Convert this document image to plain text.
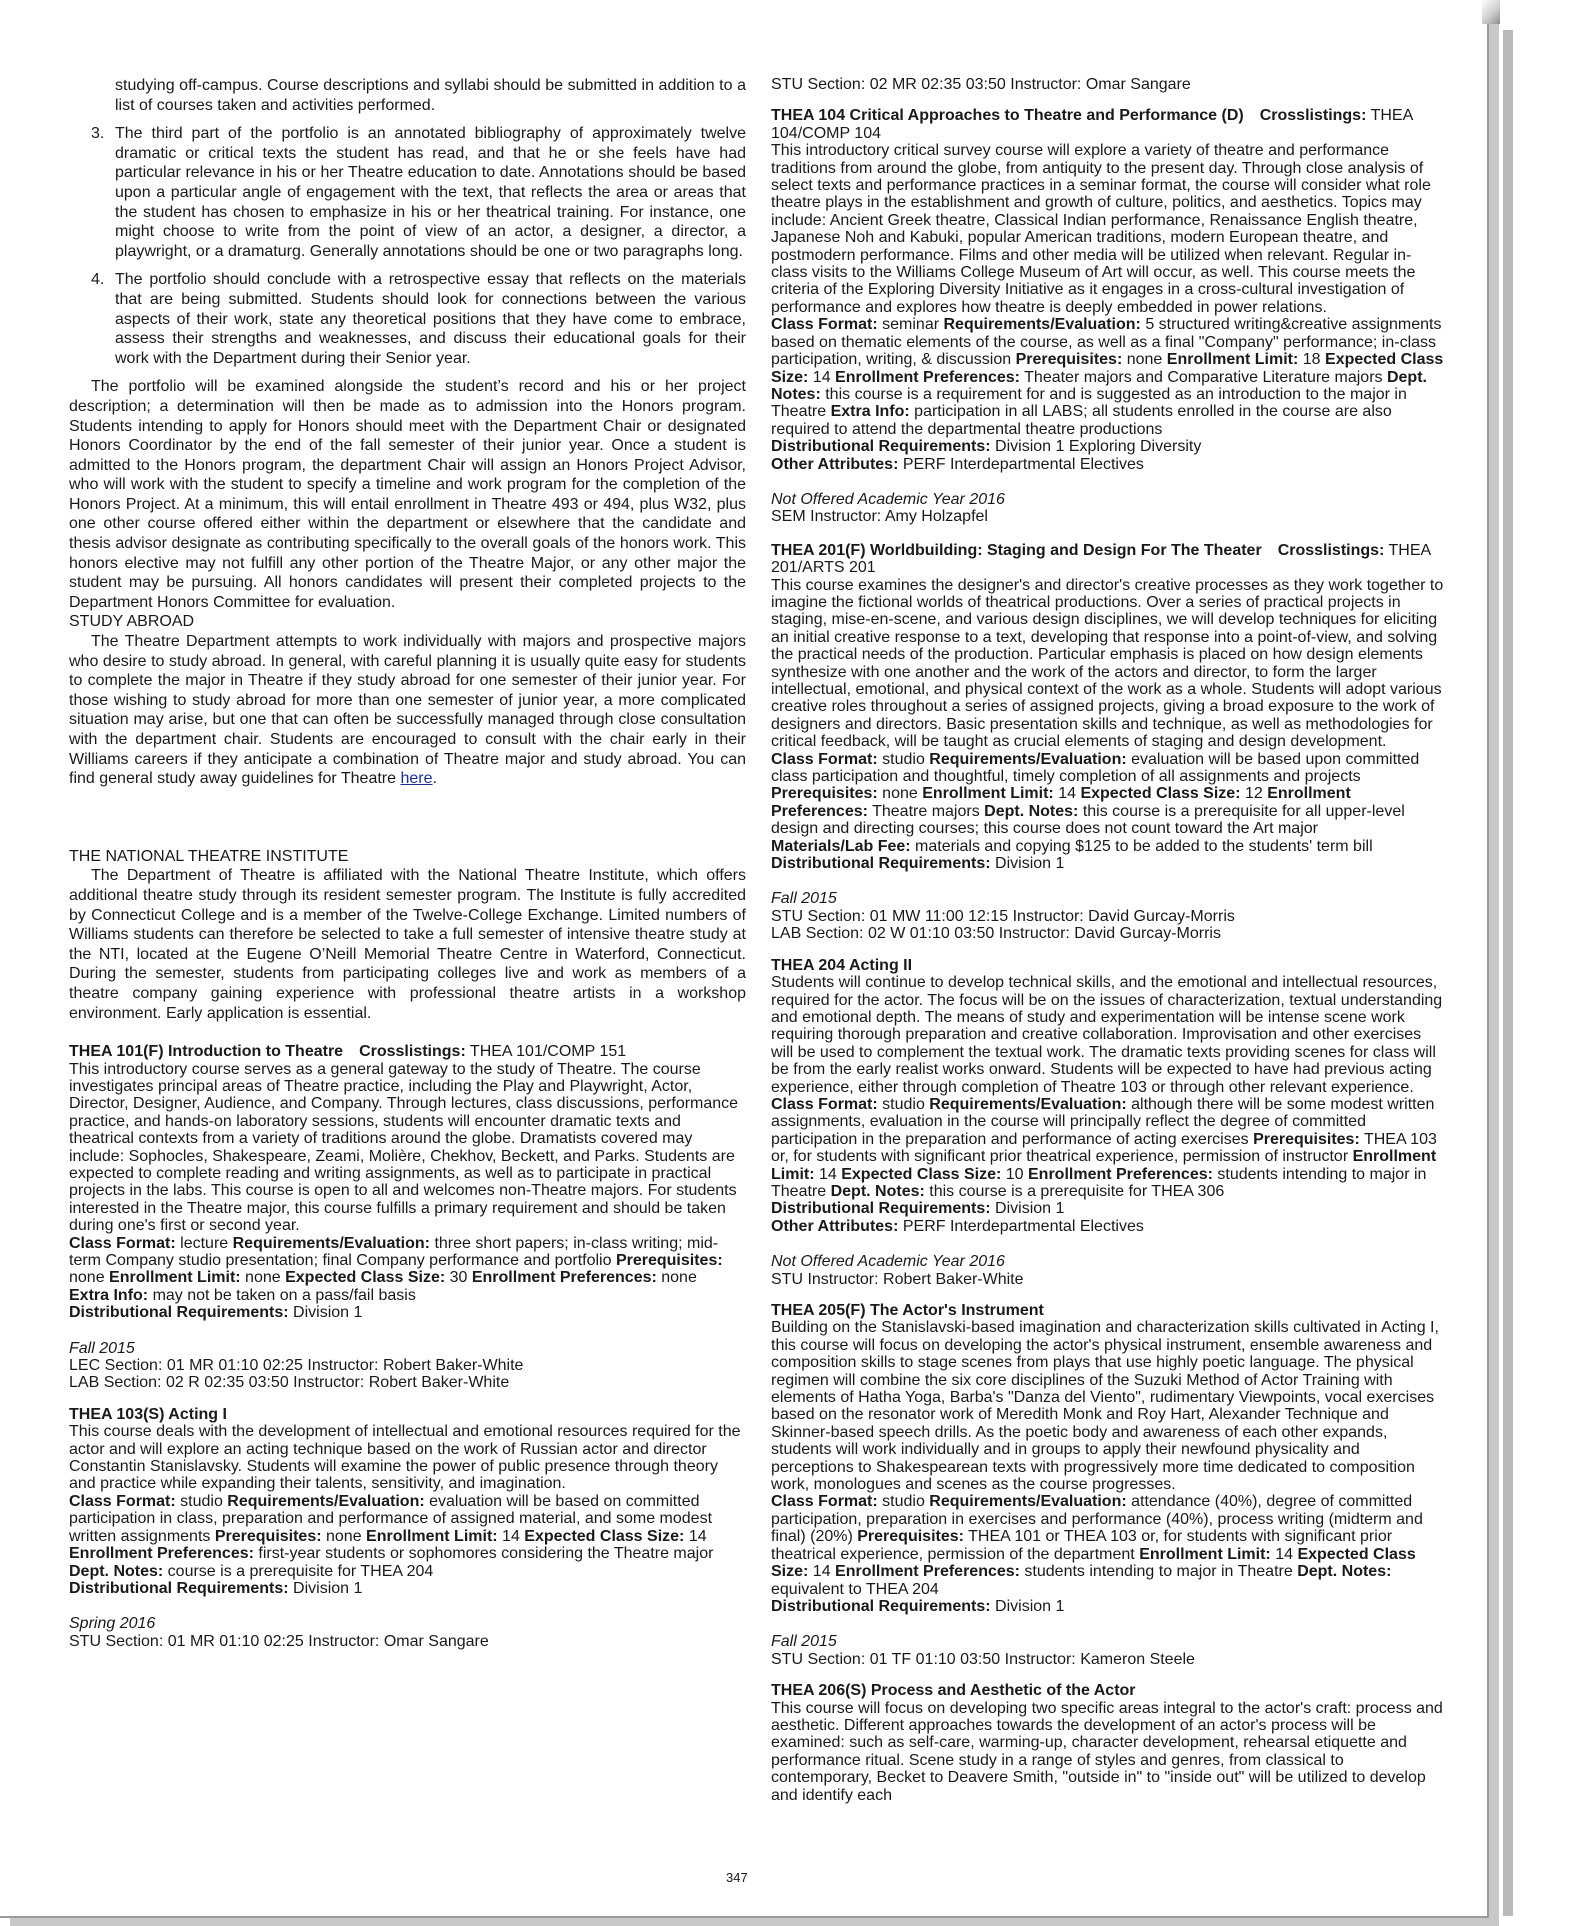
studying off-campus. Course descriptions and syllabi should be submitted in addition to a list of courses taken and activities performed.

3. The third part of the portfolio is an annotated bibliography of approximately twelve dramatic or critical texts the student has read, and that he or she feels have had particular relevance in his or her Theatre education to date. Annotations should be based upon a particular angle of engagement with the text, that reflects the area or areas that the student has chosen to emphasize in his or her theatrical training. For instance, one might choose to write from the point of view of an actor, a designer, a director, a playwright, or a dramaturg. Generally annotations should be one or two paragraphs long.
4. The portfolio should conclude with a retrospective essay that reflects on the materials that are being submitted. Students should look for connections between the various aspects of their work, state any theoretical positions that they have come to embrace, assess their strengths and weaknesses, and discuss their educational goals for their work with the Department during their Senior year.

The portfolio will be examined alongside the student’s record and his or her project description; a determination will then be made as to admission into the Honors program. Students intending to apply for Honors should meet with the Department Chair or designated Honors Coordinator by the end of the fall semester of their junior year. Once a student is admitted to the Honors program, the department Chair will assign an Honors Project Advisor, who will work with the student to specify a timeline and work program for the completion of the Honors Project. At a minimum, this will entail enrollment in Theatre 493 or 494, plus W32, plus one other course offered either within the department or elsewhere that the candidate and thesis advisor designate as contributing specifically to the overall goals of the honors work. This honors elective may not fulfill any other portion of the Theatre Major, or any other major the student may be pursuing. All honors candidates will present their completed projects to the Department Honors Committee for evaluation.

STUDY ABROAD

The Theatre Department attempts to work individually with majors and prospective majors who desire to study abroad. In general, with careful planning it is usually quite easy for students to complete the major in Theatre if they study abroad for one semester of their junior year. For those wishing to study abroad for more than one semester of junior year, a more complicated situation may arise, but one that can often be successfully managed through close consultation with the department chair. Students are encouraged to consult with the chair early in their Williams careers if they anticipate a combination of Theatre major and study abroad. You can find general study away guidelines for Theatre here.

THE NATIONAL THEATRE INSTITUTE

The Department of Theatre is affiliated with the National Theatre Institute, which offers additional theatre study through its resident semester program. The Institute is fully accredited by Connecticut College and is a member of the Twelve-College Exchange. Limited numbers of Williams students can therefore be selected to take a full semester of intensive theatre study at the NTI, located at the Eugene O’Neill Memorial Theatre Centre in Waterford, Connecticut. During the semester, students from participating colleges live and work as members of a theatre company gaining experience with professional theatre artists in a workshop environment. Early application is essential.

THEA 101(F) Introduction to Theatre Crosslistings: THEA 101/COMP 151
This introductory course serves as a general gateway to the study of Theatre. The course investigates principal areas of Theatre practice, including the Play and Playwright, Actor, Director, Designer, Audience, and Company. Through lectures, class discussions, performance practice, and hands-on laboratory sessions, students will encounter dramatic texts and theatrical contexts from a variety of traditions around the globe. Dramatists covered may include: Sophocles, Shakespeare, Zeami, Molière, Chekhov, Beckett, and Parks. Students are expected to complete reading and writing assignments, as well as to participate in practical projects in the labs. This course is open to all and welcomes non-Theatre majors. For students interested in the Theatre major, this course fulfills a primary requirement and should be taken during one's first or second year.
Class Format: lecture Requirements/Evaluation: three short papers; in-class writing; mid-term Company studio presentation; final Company performance and portfolio Prerequisites: none Enrollment Limit: none Expected Class Size: 30 Enrollment Preferences: none
Extra Info: may not be taken on a pass/fail basis
Distributional Requirements: Division 1
Fall 2015
LEC Section: 01 MR 01:10 02:25 Instructor: Robert Baker-White
LAB Section: 02 R 02:35 03:50 Instructor: Robert Baker-White
THEA 103(S) Acting I
This course deals with the development of intellectual and emotional resources required for the actor and will explore an acting technique based on the work of Russian actor and director Constantin Stanislavsky. Students will examine the power of public presence through theory and practice while expanding their talents, sensitivity, and imagination.
Class Format: studio Requirements/Evaluation: evaluation will be based on committed participation in class, preparation and performance of assigned material, and some modest written assignments Prerequisites: none Enrollment Limit: 14 Expected Class Size: 14 Enrollment Preferences: first-year students or sophomores considering the Theatre major Dept. Notes: course is a prerequisite for THEA 204
Distributional Requirements: Division 1
Spring 2016
STU Section: 01 MR 01:10 02:25 Instructor: Omar Sangare
STU Section: 02 MR 02:35 03:50 Instructor: Omar Sangare
THEA 104 Critical Approaches to Theatre and Performance (D) Crosslistings: THEA 104/COMP 104
This introductory critical survey course will explore a variety of theatre and performance traditions from around the globe, from antiquity to the present day. Through close analysis of select texts and performance practices in a seminar format, the course will consider what role theatre plays in the establishment and growth of culture, politics, and aesthetics. Topics may include: Ancient Greek theatre, Classical Indian performance, Renaissance English theatre, Japanese Noh and Kabuki, popular American traditions, modern European theatre, and postmodern performance. Films and other media will be utilized when relevant. Regular in-class visits to the Williams College Museum of Art will occur, as well. This course meets the criteria of the Exploring Diversity Initiative as it engages in a cross-cultural investigation of performance and explores how theatre is deeply embedded in power relations.
Class Format: seminar Requirements/Evaluation: 5 structured writing&creative assignments based on thematic elements of the course, as well as a final "Company" performance; in-class participation, writing, & discussion Prerequisites: none Enrollment Limit: 18 Expected Class Size: 14 Enrollment Preferences: Theater majors and Comparative Literature majors Dept. Notes: this course is a requirement for and is suggested as an introduction to the major in Theatre Extra Info: participation in all LABS; all students enrolled in the course are also required to attend the departmental theatre productions
Distributional Requirements: Division 1 Exploring Diversity
Other Attributes: PERF Interdepartmental Electives
Not Offered Academic Year 2016
SEM Instructor: Amy Holzapfel
THEA 201(F) Worldbuilding: Staging and Design For The Theater Crosslistings: THEA 201/ARTS 201
This course examines the designer's and director's creative processes as they work together to imagine the fictional worlds of theatrical productions. Over a series of practical projects in staging, mise-en-scene, and various design disciplines, we will develop techniques for eliciting an initial creative response to a text, developing that response into a point-of-view, and solving the practical needs of the production. Particular emphasis is placed on how design elements synthesize with one another and the work of the actors and director, to form the larger intellectual, emotional, and physical context of the work as a whole. Students will adopt various creative roles throughout a series of assigned projects, giving a broad exposure to the work of designers and directors. Basic presentation skills and technique, as well as methodologies for critical feedback, will be taught as crucial elements of staging and design development.
Class Format: studio Requirements/Evaluation: evaluation will be based upon committed class participation and thoughtful, timely completion of all assignments and projects
Prerequisites: none Enrollment Limit: 14 Expected Class Size: 12 Enrollment Preferences: Theatre majors Dept. Notes: this course is a prerequisite for all upper-level design and directing courses; this course does not count toward the Art major
Materials/Lab Fee: materials and copying $125 to be added to the students' term bill
Distributional Requirements: Division 1
Fall 2015
STU Section: 01 MW 11:00 12:15 Instructor: David Gurcay-Morris
LAB Section: 02 W 01:10 03:50 Instructor: David Gurcay-Morris
THEA 204 Acting II
Students will continue to develop technical skills, and the emotional and intellectual resources, required for the actor. The focus will be on the issues of characterization, textual understanding and emotional depth. The means of study and experimentation will be intense scene work requiring thorough preparation and creative collaboration. Improvisation and other exercises will be used to complement the textual work. The dramatic texts providing scenes for class will be from the early realist works onward. Students will be expected to have had previous acting experience, either through completion of Theatre 103 or through other relevant experience.
Class Format: studio Requirements/Evaluation: although there will be some modest written assignments, evaluation in the course will principally reflect the degree of committed participation in the preparation and performance of acting exercises Prerequisites: THEA 103 or, for students with significant prior theatrical experience, permission of instructor Enrollment Limit: 14 Expected Class Size: 10 Enrollment Preferences: students intending to major in Theatre Dept. Notes: this course is a prerequisite for THEA 306
Distributional Requirements: Division 1
Other Attributes: PERF Interdepartmental Electives
Not Offered Academic Year 2016
STU Instructor: Robert Baker-White
THEA 205(F) The Actor's Instrument
Building on the Stanislavski-based imagination and characterization skills cultivated in Acting I, this course will focus on developing the actor's physical instrument, ensemble awareness and composition skills to stage scenes from plays that use highly poetic language. The physical regimen will combine the six core disciplines of the Suzuki Method of Actor Training with elements of Hatha Yoga, Barba's "Danza del Viento", rudimentary Viewpoints, vocal exercises based on the resonator work of Meredith Monk and Roy Hart, Alexander Technique and Skinner-based speech drills. As the poetic body and awareness of each other expands, students will work individually and in groups to apply their newfound physicality and perceptions to Shakespearean texts with progressively more time dedicated to composition work, monologues and scenes as the course progresses.
Class Format: studio Requirements/Evaluation: attendance (40%), degree of committed participation, preparation in exercises and performance (40%), process writing (midterm and final) (20%) Prerequisites: THEA 101 or THEA 103 or, for students with significant prior theatrical experience, permission of the department Enrollment Limit: 14 Expected Class Size: 14 Enrollment Preferences: students intending to major in Theatre Dept. Notes: equivalent to THEA 204
Distributional Requirements: Division 1
Fall 2015
STU Section: 01 TF 01:10 03:50 Instructor: Kameron Steele
THEA 206(S) Process and Aesthetic of the Actor
This course will focus on developing two specific areas integral to the actor's craft: process and aesthetic. Different approaches towards the development of an actor's process will be examined: such as self-care, warming-up, character development, rehearsal etiquette and performance ritual. Scene study in a range of styles and genres, from classical to contemporary, Becket to Deavere Smith, "outside in" to "inside out" will be utilized to develop and identify each
347
